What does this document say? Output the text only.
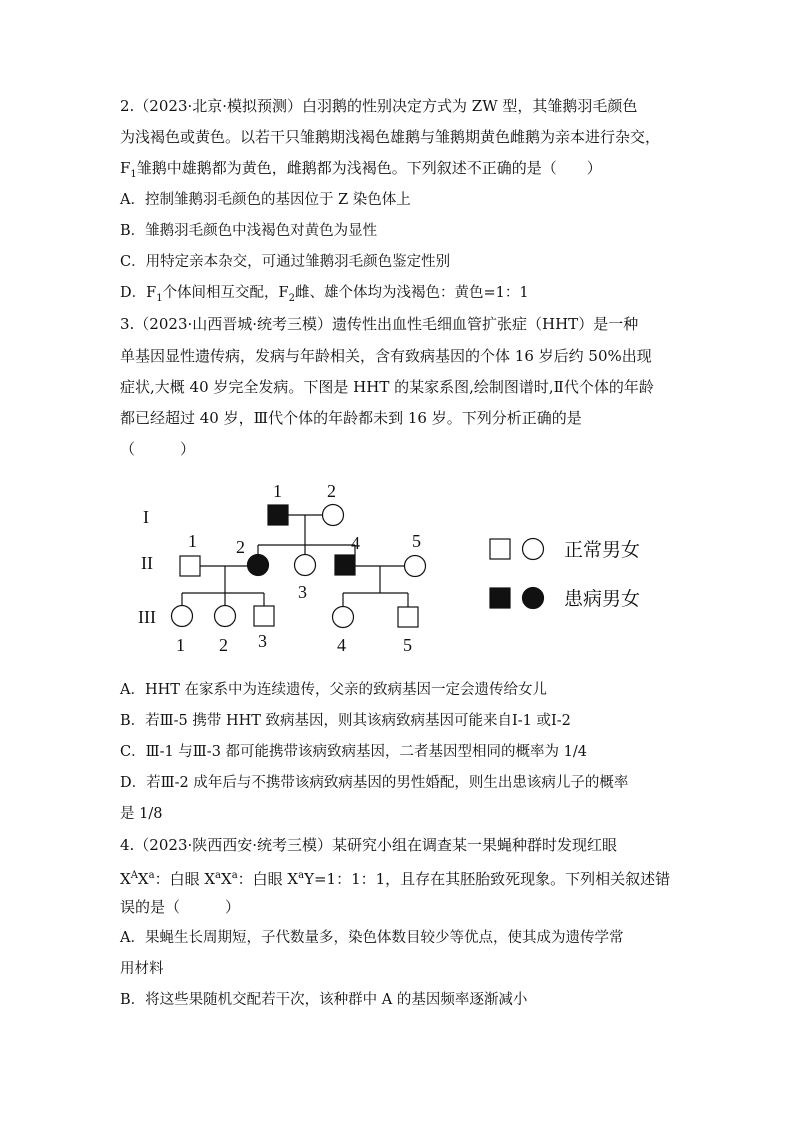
2.（2023·北京·模拟预测）白羽鹅的性别决定方式为 ZW 型，其雏鹅羽毛颜色
为浅褐色或黄色。以若干只雏鹅期浅褐色雄鹅与雏鹅期黄色雌鹅为亲本进行杂交，
$F_1$雏鹅中雄鹅都为黄色，雌鹅都为浅褐色。下列叙述不正确的是（　　）
A．控制雏鹅羽毛颜色的基因位于 Z 染色体上
B．雏鹅羽毛颜色中浅褐色对黄色为显性
C．用特定亲本杂交，可通过雏鹅羽毛颜色鉴定性别
D．$F_1$个体间相互交配，$F_2$雌、雄个体均为浅褐色：黄色=1：1
3.（2023·山西晋城·统考三模）遗传性出血性毛细血管扩张症（HHT）是一种
单基因显性遗传病，发病与年龄相关，含有致病基因的个体 16 岁后约 50%出现
症状,大概 40 岁完全发病。下图是 HHT 的某家系图,绘制图谱时,Ⅱ代个体的年龄
都已经超过 40 岁，Ⅲ代个体的年龄都未到 16 岁。下列分析正确的是
（　　　）
I
II
III
1	2
1 2
3
4	5
1 2 3	4	5
正常男女
患病男女
A．HHT 在家系中为连续遗传，父亲的致病基因一定会遗传给女儿
B．若Ⅲ-5 携带 HHT 致病基因，则其该病致病基因可能来自Ⅰ-1 或Ⅰ-2
C．Ⅲ-1 与Ⅲ-3 都可能携带该病致病基因，二者基因型相同的概率为 1/4
D．若Ⅲ-2 成年后与不携带该病致病基因的男性婚配，则生出患该病儿子的概率
是 1/8
4.（2023·陕西西安·统考三模）某研究小组在调查某一果蝇种群时发现红眼
$X^AX^a$：白眼 $X^aX^a$：白眼 $X^aY=1$：1：1，且存在其胚胎致死现象。下列相关叙述错
误的是（　　　）
A．果蝇生长周期短，子代数量多，染色体数目较少等优点，使其成为遗传学常
用材料
B．将这些果随机交配若干次，该种群中 A 的基因频率逐渐减小
